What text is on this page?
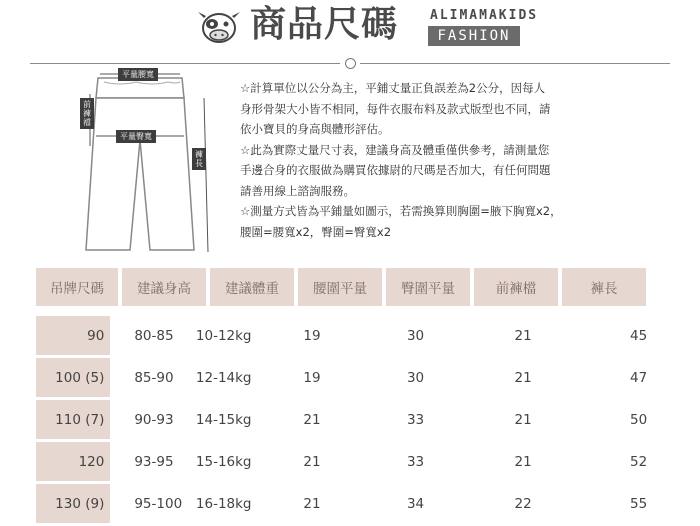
商品尺碼 ALIMAMAKIDS
FASHION
平量腰寬
平量臀寬
前褲襠
褲長

☆計算單位以公分為主，平鋪丈量正負誤差為2公分，因每人

身形骨架大小皆不相同，每件衣服布料及款式版型也不同，請

依小寶貝的身高與體形評估。

☆此為實際丈量尺寸表，建議身高及體重僅供參考，請測量您

手邊合身的衣服做為購買依據尉的尺碼是否加大，有任何問題

請善用線上諮詢服務。

☆測量方式皆為平鋪量如圖示，若需換算則胸圍=腋下胸寬x2，

腰圍=腰寬x2，臀圍=臀寬x2

吊牌尺碼	建議身高	建議體重	腰圍平量	臀圍平量	前褲檔	褲長
90	80-85	10-12kg	19	30	21	45
100 (5)	85-90	12-14kg	19	30	21	47
110 (7)	90-93	14-15kg	21	33	21	50
120	93-95	15-16kg	21	33	21	52
130 (9)	95-100	16-18kg	21	34	22	55
